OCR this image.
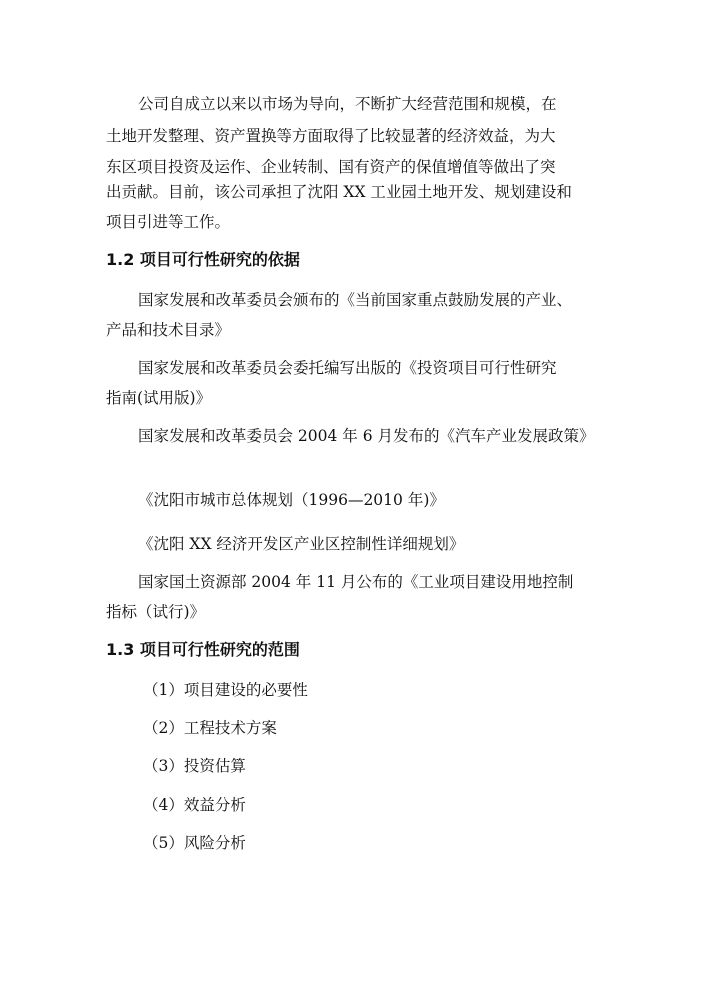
公司自成立以来以市场为导向，不断扩大经营范围和规模，在
土地开发整理、资产置换等方面取得了比较显著的经济效益，为大
东区项目投资及运作、企业转制、国有资产的保值增值等做出了突
出贡献。目前，该公司承担了沈阳 XX 工业园土地开发、规划建设和
项目引进等工作。
1.2 项目可行性研究的依据
国家发展和改革委员会颁布的《当前国家重点鼓励发展的产业、
产品和技术目录》
国家发展和改革委员会委托编写出版的《投资项目可行性研究
指南(试用版)》
国家发展和改革委员会 2004 年 6 月发布的《汽车产业发展政策》
《沈阳市城市总体规划（1996—2010 年)》
《沈阳 XX 经济开发区产业区控制性详细规划》
国家国土资源部 2004 年 11 月公布的《工业项目建设用地控制
指标（试行)》
1.3 项目可行性研究的范围
（1）项目建设的必要性
（2）工程技术方案
（3）投资估算
（4）效益分析
（5）风险分析
